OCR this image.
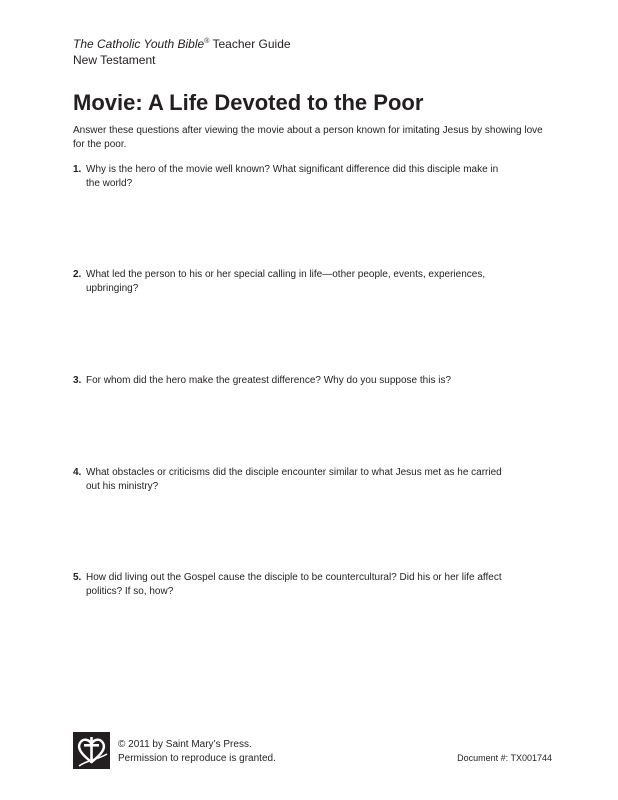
The Catholic Youth Bible® Teacher Guide
New Testament
Movie: A Life Devoted to the Poor
Answer these questions after viewing the movie about a person known for imitating Jesus by showing love for the poor.
1. Why is the hero of the movie well known? What significant difference did this disciple make in the world?
2. What led the person to his or her special calling in life—other people, events, experiences, upbringing?
3. For whom did the hero make the greatest difference? Why do you suppose this is?
4. What obstacles or criticisms did the disciple encounter similar to what Jesus met as he carried out his ministry?
5. How did living out the Gospel cause the disciple to be countercultural? Did his or her life affect politics? If so, how?
© 2011 by Saint Mary’s Press.
Permission to reproduce is granted.	Document #: TX001744
